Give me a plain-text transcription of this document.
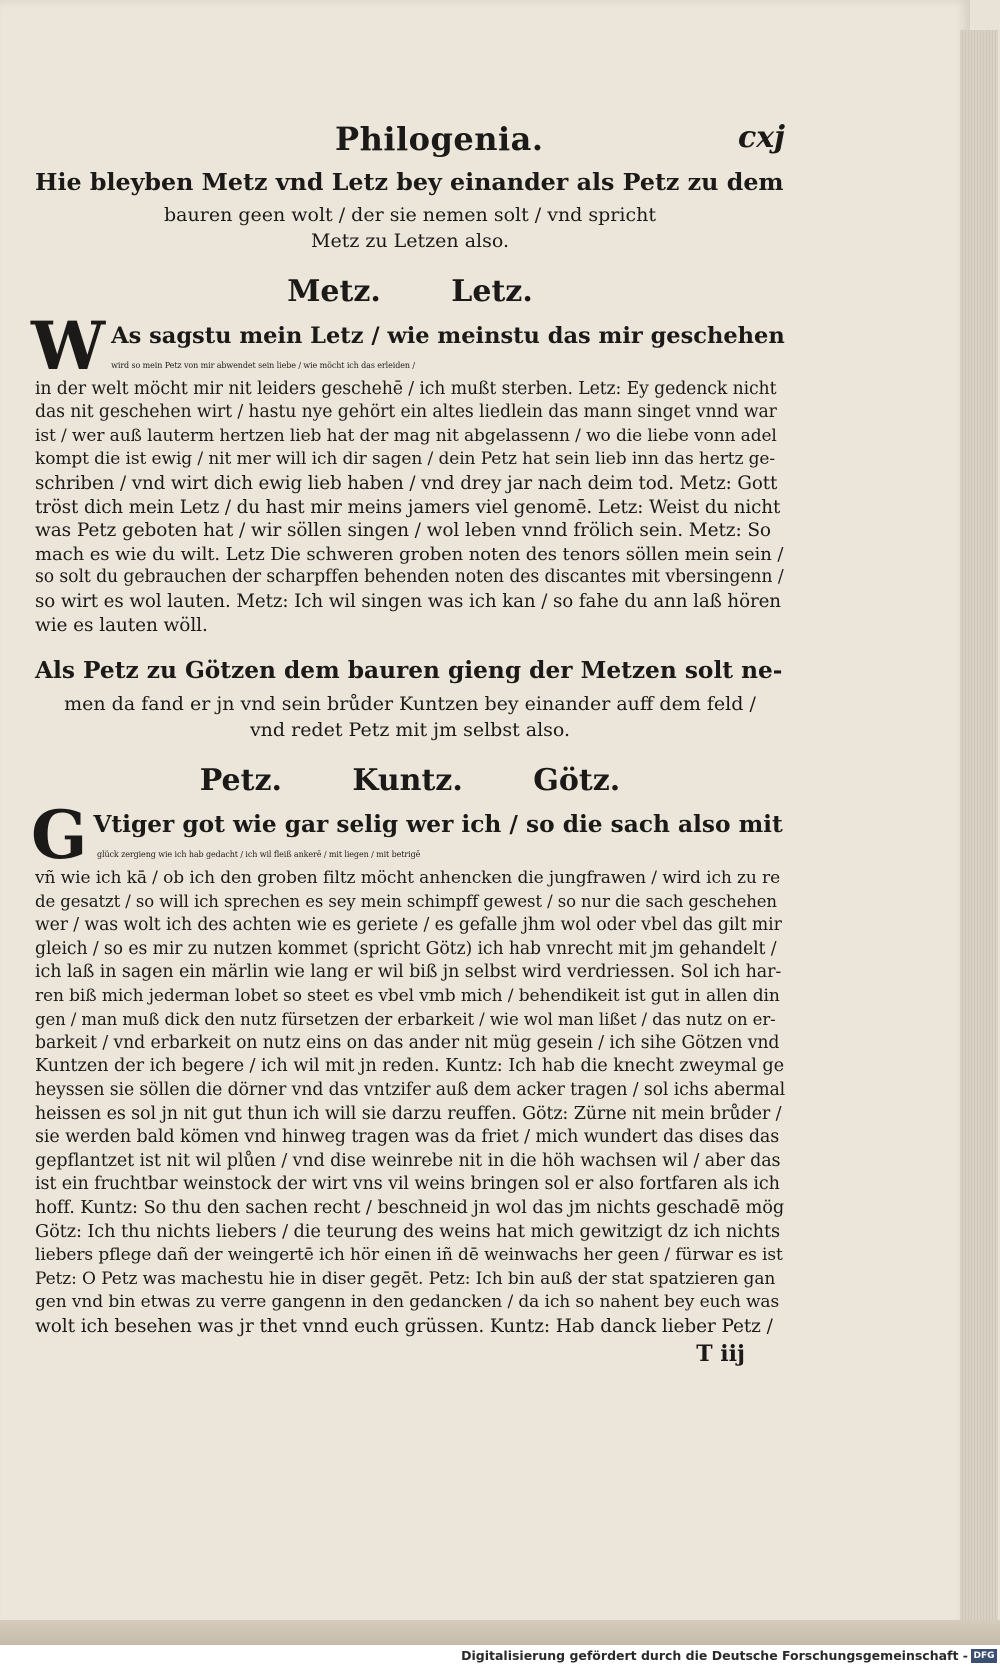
Philogenia.	cxj
Hie bleyben Metz vnd Letz bey einander als Petz zu dem
bauren geen wolt / der sie nemen solt / vnd spricht
Metz zu Letzen also.
Metz. Letz.
W As sagstu mein Letz / wie meinstu das mir geschehen
wird so mein Petz von mir abwendet sein liebe / wie möcht ich das erleiden /
in der welt möcht mir nit leiders geschehē / ich mußt sterben. Letz: Ey gedenck nicht
das nit geschehen wirt / hastu nye gehört ein altes liedlein das mann singet vnnd war
ist / wer auß lauterm hertzen lieb hat der mag nit abgelassenn / wo die liebe vonn adel
kompt die ist ewig / nit mer will ich dir sagen / dein Petz hat sein lieb inn das hertz ge-
schriben / vnd wirt dich ewig lieb haben / vnd drey jar nach deim tod. Metz: Gott
tröst dich mein Letz / du hast mir meins jamers viel genomē. Letz: Weist du nicht
was Petz geboten hat / wir söllen singen / wol leben vnnd frölich sein. Metz: So
mach es wie du wilt. Letz Die schweren groben noten des tenors söllen mein sein /
so solt du gebrauchen der scharpffen behenden noten des discantes mit vbersingenn /
so wirt es wol lauten. Metz: Ich wil singen was ich kan / so fahe du ann laß hören
wie es lauten wöll.
Als Petz zu Götzen dem bauren gieng der Metzen solt ne-
men da fand er jn vnd sein brůder Kuntzen bey einander auff dem feld /
vnd redet Petz mit jm selbst also.
Petz. Kuntz. Götz.
G Vtiger got wie gar selig wer ich / so die sach also mit
glück zergieng wie ich hab gedacht / ich wil fleiß ankerē / mit liegen / mit betrigē
vñ wie ich kā / ob ich den groben filtz möcht anhencken die jungfrawen / wird ich zu re
de gesatzt / so will ich sprechen es sey mein schimpff gewest / so nur die sach geschehen
wer / was wolt ich des achten wie es geriete / es gefalle jhm wol oder vbel das gilt mir
gleich / so es mir zu nutzen kommet (spricht Götz) ich hab vnrecht mit jm gehandelt /
ich laß in sagen ein märlin wie lang er wil biß jn selbst wird verdriessen. Sol ich har-
ren biß mich jederman lobet so steet es vbel vmb mich / behendikeit ist gut in allen din
gen / man muß dick den nutz fürsetzen der erbarkeit / wie wol man lißet / das nutz on er-
barkeit / vnd erbarkeit on nutz eins on das ander nit müg gesein / ich sihe Götzen vnd
Kuntzen der ich begere / ich wil mit jn reden. Kuntz: Ich hab die knecht zweymal ge
heyssen sie söllen die dörner vnd das vntzifer auß dem acker tragen / sol ichs abermal
heissen es sol jn nit gut thun ich will sie darzu reuffen. Götz: Zürne nit mein brůder /
sie werden bald kömen vnd hinweg tragen was da friet / mich wundert das dises das
gepflantzet ist nit wil plůen / vnd dise weinrebe nit in die höh wachsen wil / aber das
ist ein fruchtbar weinstock der wirt vns vil weins bringen sol er also fortfaren als ich
hoff. Kuntz: So thu den sachen recht / beschneid jn wol das jm nichts geschadē mög
Götz: Ich thu nichts liebers / die teurung des weins hat mich gewitzigt dz ich nichts
liebers pflege dañ der weingertē ich hör einen iñ dē weinwachs her geen / fürwar es ist
Petz: O Petz was machestu hie in diser gegēt. Petz: Ich bin auß der stat spatzieren gan
gen vnd bin etwas zu verre gangenn in den gedancken / da ich so nahent bey euch was
wolt ich besehen was jr thet vnnd euch grüssen. Kuntz: Hab danck lieber Petz /
T iij
Digitalisierung gefördert durch die Deutsche Forschungsgemeinschaft - DFG
